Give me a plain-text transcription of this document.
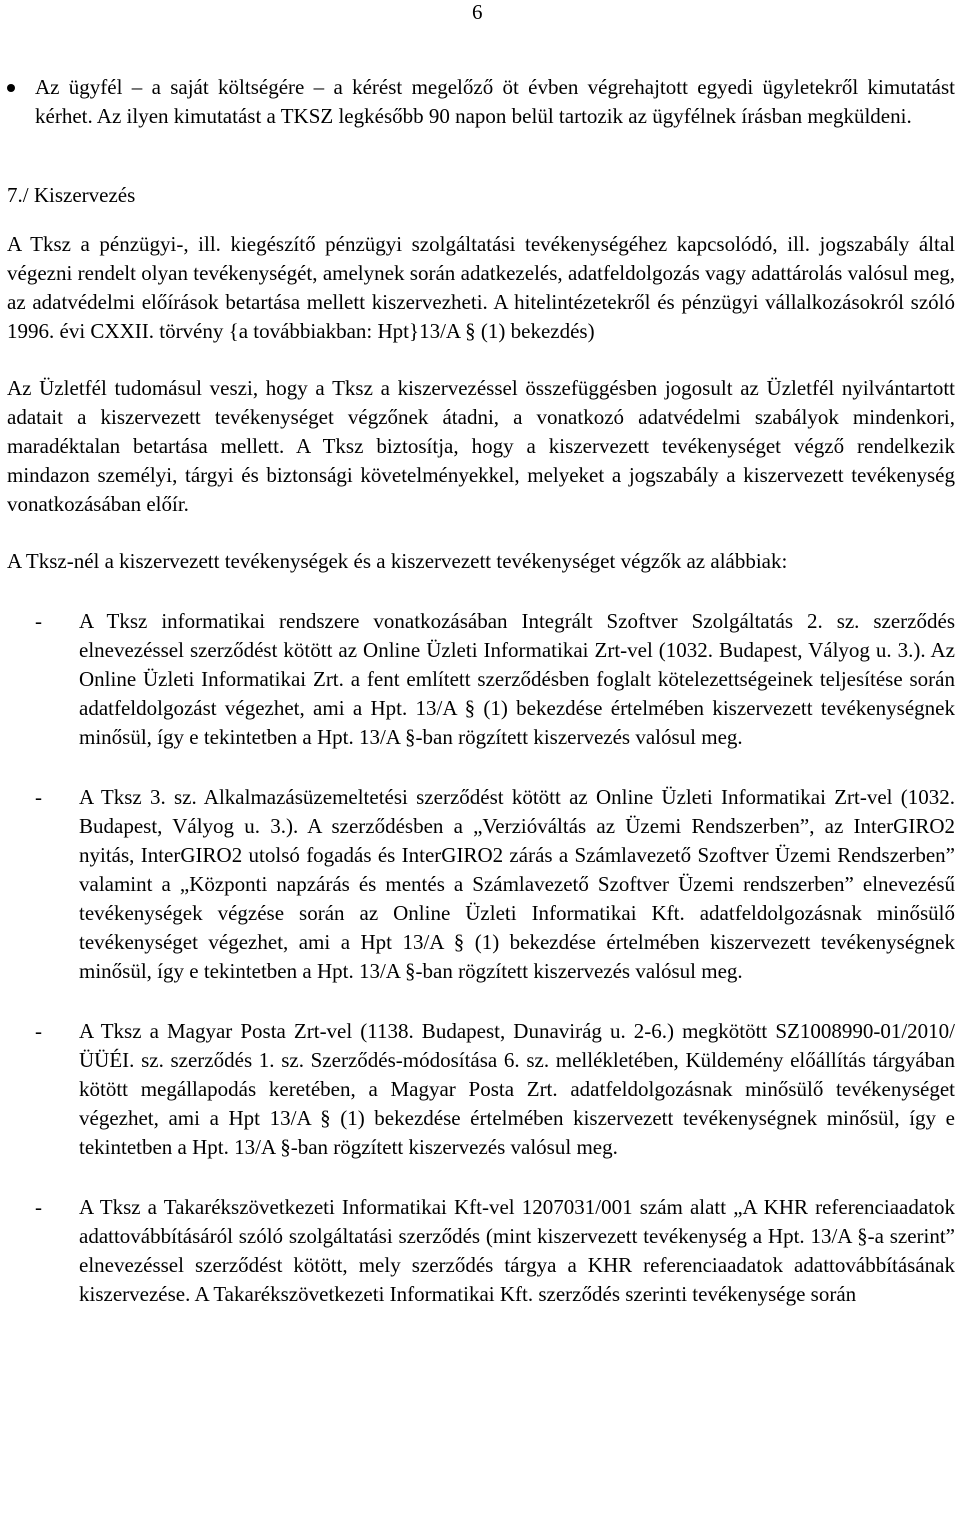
6

Az ügyfél – a saját költségére – a kérést megelőző öt évben végrehajtott egyedi ügyletekről kimutatást kérhet. Az ilyen kimutatást a TKSZ legkésőbb 90 napon belül tartozik az ügyfélnek írásban megküldeni.

7./ Kiszervezés

A Tksz a pénzügyi-, ill. kiegészítő pénzügyi szolgáltatási tevékenységéhez kapcsolódó, ill. jogszabály által végezni rendelt olyan tevékenységét, amelynek során adatkezelés, adatfeldolgozás vagy adattárolás valósul meg, az adatvédelmi előírások betartása mellett kiszervezheti. A hitelintézetekről és pénzügyi vállalkozásokról szóló 1996. évi CXXII. törvény {a továbbiakban: Hpt}13/A § (1) bekezdés)

Az Üzletfél tudomásul veszi, hogy a Tksz a kiszervezéssel összefüggésben jogosult az Üzletfél nyilvántartott adatait a kiszervezett tevékenységet végzőnek átadni, a vonatkozó adatvédelmi szabályok mindenkori, maradéktalan betartása mellett. A Tksz biztosítja, hogy a kiszervezett tevékenységet végző rendelkezik mindazon személyi, tárgyi és biztonsági követelményekkel, melyeket a jogszabály a kiszervezett tevékenység vonatkozásában előír.

A Tksz-nél a kiszervezett tevékenységek és a kiszervezett tevékenységet végzők az alábbiak:

-	A Tksz informatikai rendszere vonatkozásában Integrált Szoftver Szolgáltatás 2. sz. szerződés elnevezéssel szerződést kötött az Online Üzleti Informatikai Zrt-vel (1032. Budapest, Vályog u. 3.). Az Online Üzleti Informatikai Zrt. a fent említett szerződésben foglalt kötelezettségeinek teljesítése során adatfeldolgozást végezhet, ami a Hpt. 13/A § (1) bekezdése értelmében kiszervezett tevékenységnek minősül, így e tekintetben a Hpt. 13/A §-ban rögzített kiszervezés valósul meg.

-	A Tksz 3. sz. Alkalmazásüzemeltetési szerződést kötött az Online Üzleti Informatikai Zrt-vel (1032. Budapest, Vályog u. 3.). A szerződésben a „Verzióváltás az Üzemi Rendszerben”, az InterGIRO2 nyitás, InterGIRO2 utolsó fogadás és InterGIRO2 zárás a Számlavezető Szoftver Üzemi Rendszerben” valamint a „Központi napzárás és mentés a Számlavezető Szoftver Üzemi rendszerben” elnevezésű tevékenységek végzése során az Online Üzleti Informatikai Kft. adatfeldolgozásnak minősülő tevékenységet végezhet, ami a Hpt 13/A § (1) bekezdése értelmében kiszervezett tevékenységnek minősül, így e tekintetben a Hpt. 13/A §-ban rögzített kiszervezés valósul meg.

-	A Tksz a Magyar Posta Zrt-vel (1138. Budapest, Dunavirág u. 2-6.) megkötött SZ1008990-01/2010/ÜÜÉI. sz. szerződés 1. sz. Szerződés-módosítása 6. sz. mellékletében, Küldemény előállítás tárgyában kötött megállapodás keretében, a Magyar Posta Zrt. adatfeldolgozásnak minősülő tevékenységet végezhet, ami a Hpt 13/A § (1) bekezdése értelmében kiszervezett tevékenységnek minősül, így e tekintetben a Hpt. 13/A §-ban rögzített kiszervezés valósul meg.

-	A Tksz a Takarékszövetkezeti Informatikai Kft-vel 1207031/001 szám alatt „A KHR referenciaadatok adattovábbításáról szóló szolgáltatási szerződés (mint kiszervezett tevékenység a Hpt. 13/A §-a szerint” elnevezéssel szerződést kötött, mely szerződés tárgya a KHR referenciaadatok adattovábbításának kiszervezése. A Takarékszövetkezeti Informatikai Kft. szerződés szerinti tevékenysége során
